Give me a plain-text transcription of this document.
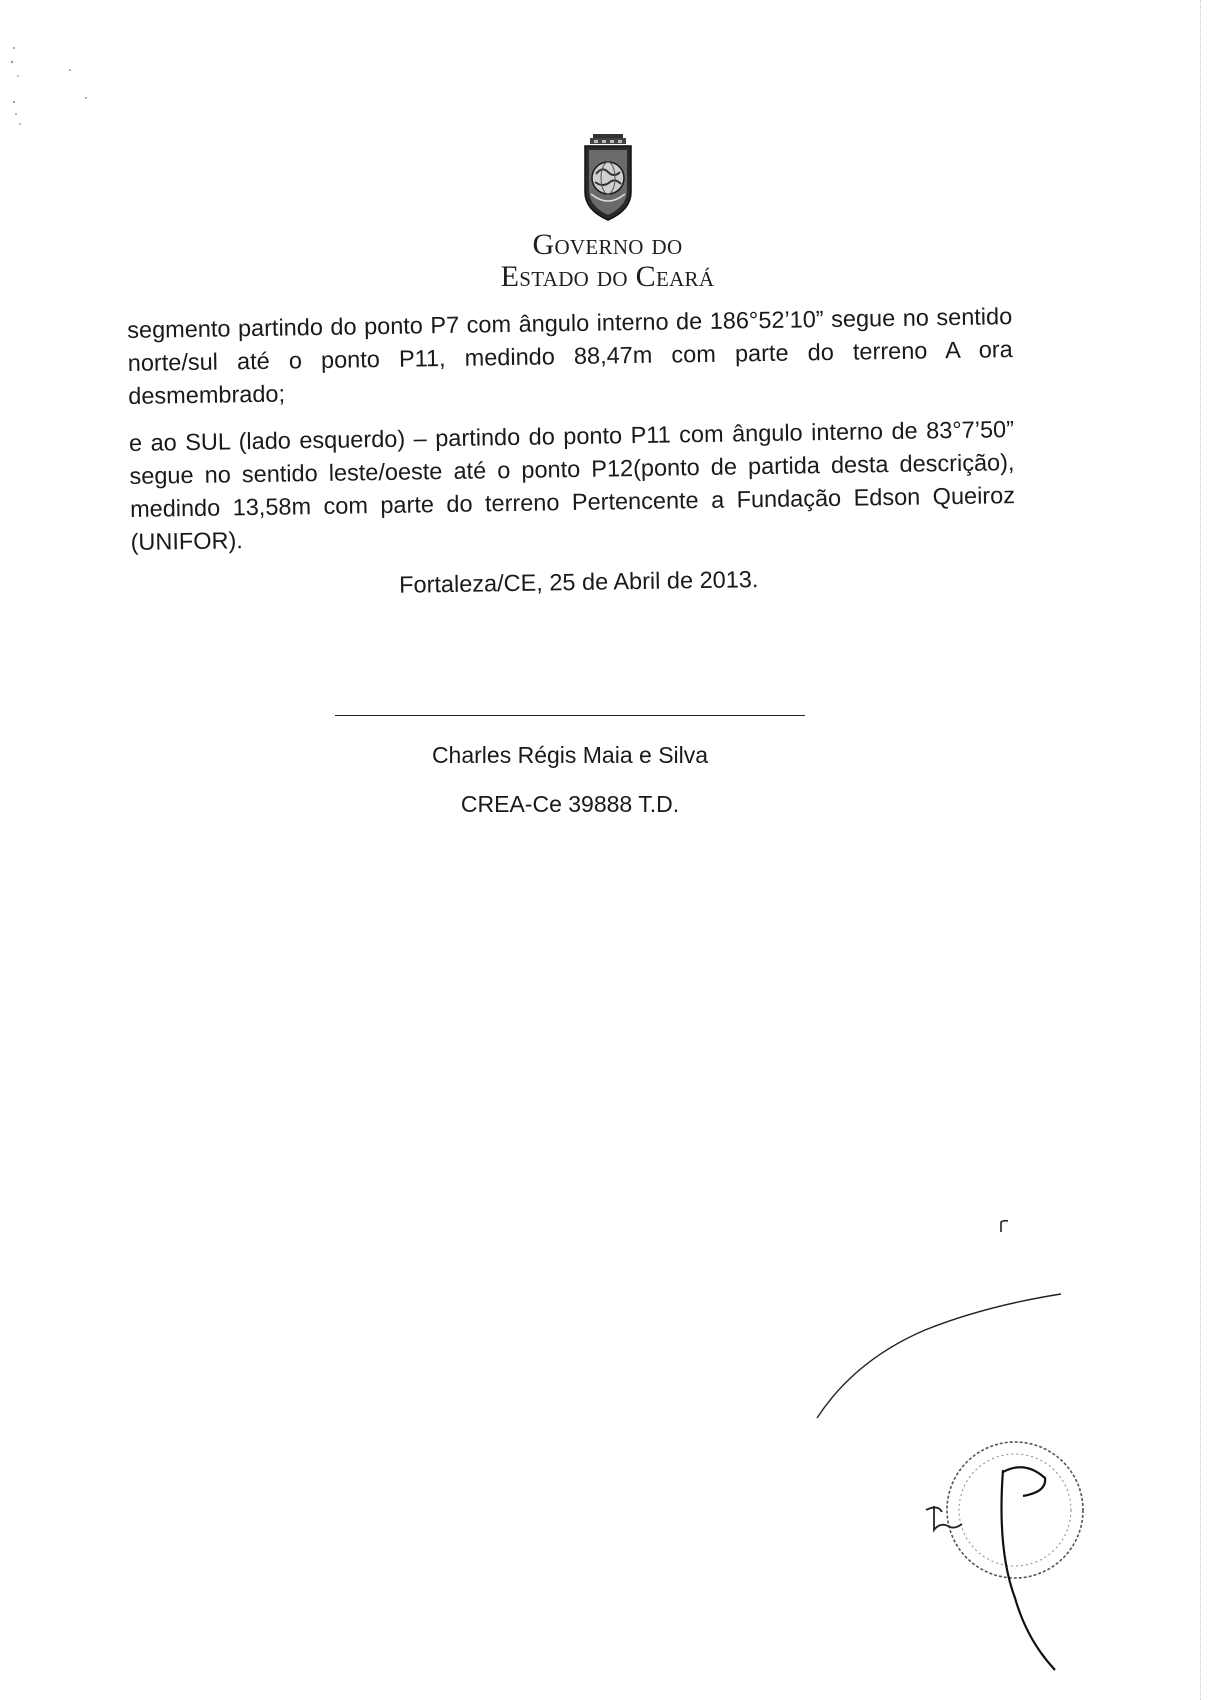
Governo do
Estado do Ceará

segmento partindo do ponto P7 com ângulo interno de 186°52’10” segue no sentido norte/sul até o ponto P11, medindo 88,47m com parte do terreno A ora desmembrado;

e ao SUL (lado esquerdo) – partindo do ponto P11 com ângulo interno de 83°7’50” segue no sentido leste/oeste até o ponto P12(ponto de partida desta descrição), medindo 13,58m com parte do terreno Pertencente a Fundação Edson Queiroz (UNIFOR).

Fortaleza/CE, 25 de Abril de 2013.
Charles Régis Maia e Silva
CREA-Ce 39888 T.D.
